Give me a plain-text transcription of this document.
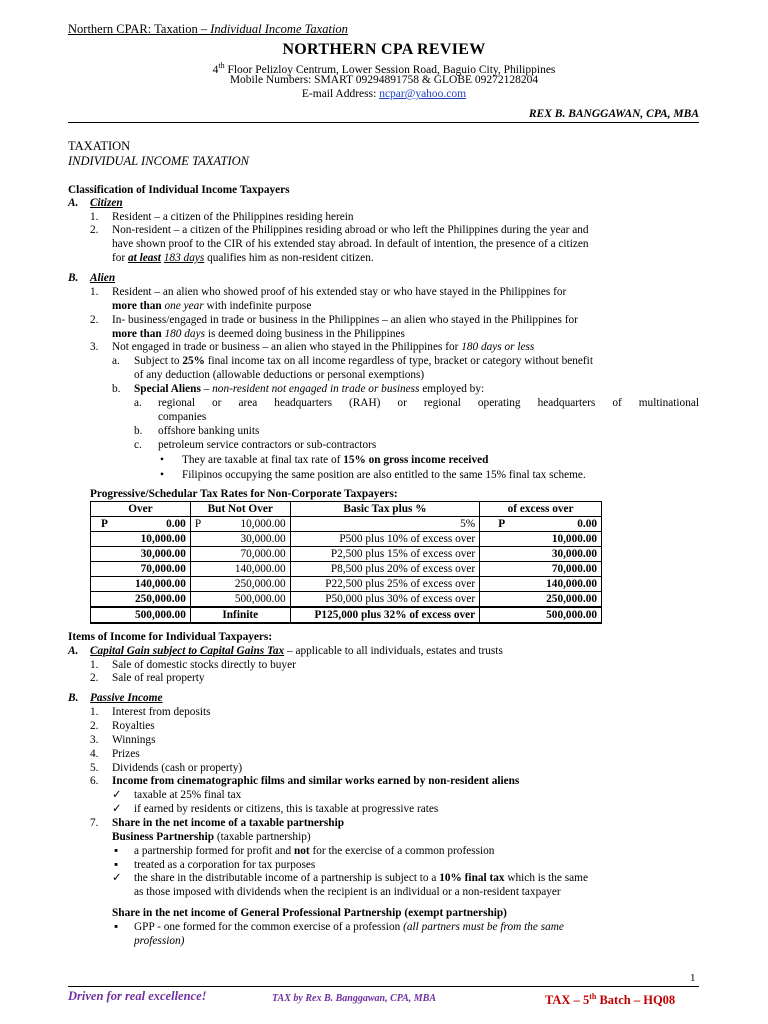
Northern CPAR: Taxation – Individual Income Taxation
NORTHERN CPA REVIEW
4th Floor Pelizloy Centrum, Lower Session Road, Baguio City, Philippines
Mobile Numbers: SMART 09294891758 & GLOBE 09272128204
E-mail Address: ncpar@yahoo.com
REX B. BANGGAWAN, CPA, MBA
TAXATION
INDIVIDUAL INCOME TAXATION
Classification of Individual Income Taxpayers
A. Citizen
1. Resident – a citizen of the Philippines residing herein
2. Non-resident – a citizen of the Philippines residing abroad or who left the Philippines during the year and
have shown proof to the CIR of his extended stay abroad. In default of intention, the presence of a citizen
for at least 183 days qualifies him as non-resident citizen.
B. Alien
1. Resident – an alien who showed proof of his extended stay or who have stayed in the Philippines for
more than one year with indefinite purpose
2. In- business/engaged in trade or business in the Philippines – an alien who stayed in the Philippines for
more than 180 days is deemed doing business in the Philippines
3. Not engaged in trade or business – an alien who stayed in the Philippines for 180 days or less
a. Subject to 25% final income tax on all income regardless of type, bracket or category without benefit
of any deduction (allowable deductions or personal exemptions)
b. Special Aliens – non-resident not engaged in trade or business employed by:
a. regional or area headquarters (RAH) or regional operating headquarters of multinational
companies
b. offshore banking units
c. petroleum service contractors or sub-contractors
• They are taxable at final tax rate of 15% on gross income received
• Filipinos occupying the same position are also entitled to the same 15% final tax scheme.
Progressive/Schedular Tax Rates for Non-Corporate Taxpayers:
Over	But Not Over	Basic Tax plus %	of excess over

P 0.00	P 10,000.00	5%	P 0.00

10,000.00	30,000.00	P500 plus 10% of excess over	10,000.00
30,000.00	70,000.00	P2,500 plus 15% of excess over	30,000.00
70,000.00	140,000.00	P8,500 plus 20% of excess over	70,000.00
140,000.00	250,000.00	P22,500 plus 25% of excess over	140,000.00
250,000.00	500,000.00	P50,000 plus 30% of excess over	250,000.00
500,000.00	Infinite	P125,000 plus 32% of excess over	500,000.00
Items of Income for Individual Taxpayers:
A. Capital Gain subject to Capital Gains Tax – applicable to all individuals, estates and trusts
1. Sale of domestic stocks directly to buyer
2. Sale of real property
B. Passive Income
1. Interest from deposits
2. Royalties
3. Winnings
4. Prizes
5. Dividends (cash or property)
6. Income from cinematographic films and similar works earned by non-resident aliens
✓ taxable at 25% final tax
✓ if earned by residents or citizens, this is taxable at progressive rates
7. Share in the net income of a taxable partnership
Business Partnership (taxable partnership)
▪ a partnership formed for profit and not for the exercise of a common profession
▪ treated as a corporation for tax purposes
✓ the share in the distributable income of a partnership is subject to a 10% final tax which is the same
as those imposed with dividends when the recipient is an individual or a non-resident taxpayer
Share in the net income of General Professional Partnership (exempt partnership)
▪ GPP - one formed for the common exercise of a profession (all partners must be from the same
profession)
1
Driven for real excellence!	TAX by Rex B. Banggawan, CPA, MBA	TAX – 5th Batch – HQ08
